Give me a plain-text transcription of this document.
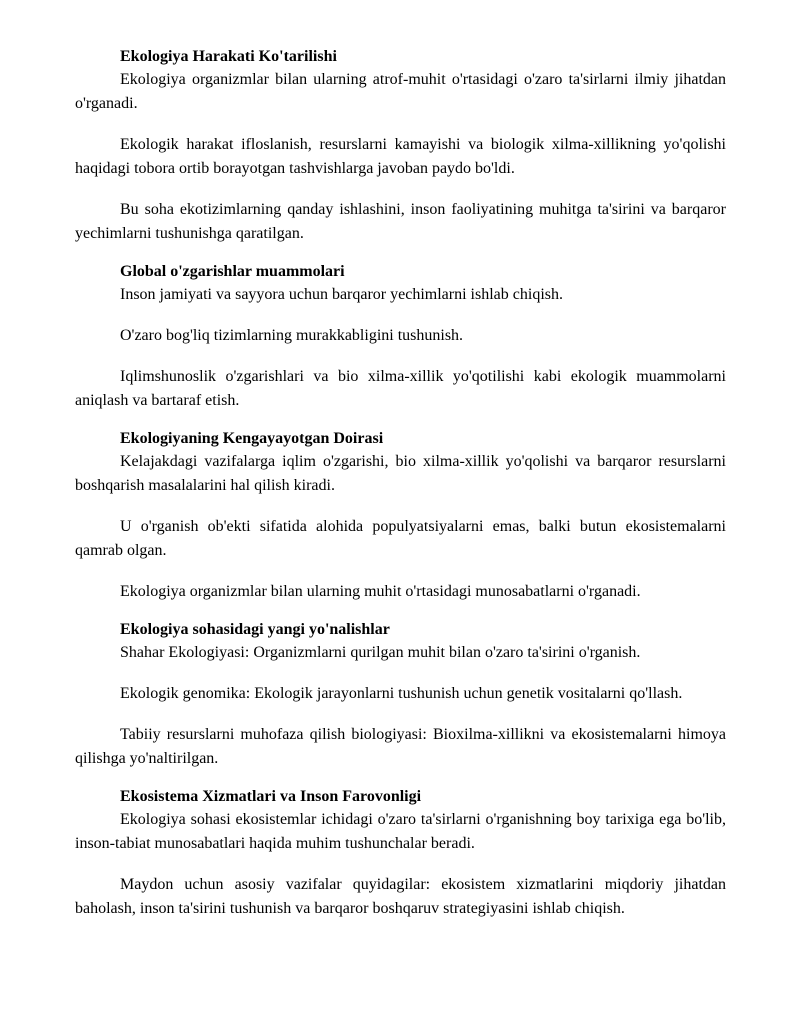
Ekologiya Harakati Ko'tarilishi

Ekologiya organizmlar bilan ularning atrof-muhit o'rtasidagi o'zaro ta'sirlarni ilmiy jihatdan o'rganadi.

Ekologik harakat ifloslanish, resurslarni kamayishi va biologik xilma-xillikning yo'qolishi haqidagi tobora ortib borayotgan tashvishlarga javoban paydo bo'ldi.

Bu soha ekotizimlarning qanday ishlashini, inson faoliyatining muhitga ta'sirini va barqaror yechimlarni tushunishga qaratilgan.

Global o'zgarishlar muammolari

Inson jamiyati va sayyora uchun barqaror yechimlarni ishlab chiqish.

O'zaro bog'liq tizimlarning murakkabligini tushunish.

Iqlimshunoslik o'zgarishlari va bio xilma-xillik yo'qotilishi kabi ekologik muammolarni aniqlash va bartaraf etish.

Ekologiyaning Kengayayotgan Doirasi

Kelajakdagi vazifalarga iqlim o'zgarishi, bio xilma-xillik yo'qolishi va barqaror resurslarni boshqarish masalalarini hal qilish kiradi.

U o'rganish ob'ekti sifatida alohida populyatsiyalarni emas, balki butun ekosistemalarni qamrab olgan.

Ekologiya organizmlar bilan ularning muhit o'rtasidagi munosabatlarni o'rganadi.

Ekologiya sohasidagi yangi yo'nalishlar

Shahar Ekologiyasi: Organizmlarni qurilgan muhit bilan o'zaro ta'sirini o'rganish.

Ekologik genomika: Ekologik jarayonlarni tushunish uchun genetik vositalarni qo'llash.

Tabiiy resurslarni muhofaza qilish biologiyasi: Bioxilma-xillikni va ekosistemalarni himoya qilishga yo'naltirilgan.

Ekosistema Xizmatlari va Inson Farovonligi

Ekologiya sohasi ekosistemlar ichidagi o'zaro ta'sirlarni o'rganishning boy tarixiga ega bo'lib, inson-tabiat munosabatlari haqida muhim tushunchalar beradi.

Maydon uchun asosiy vazifalar quyidagilar: ekosistem xizmatlarini miqdoriy jihatdan baholash, inson ta'sirini tushunish va barqaror boshqaruv strategiyasini ishlab chiqish.
